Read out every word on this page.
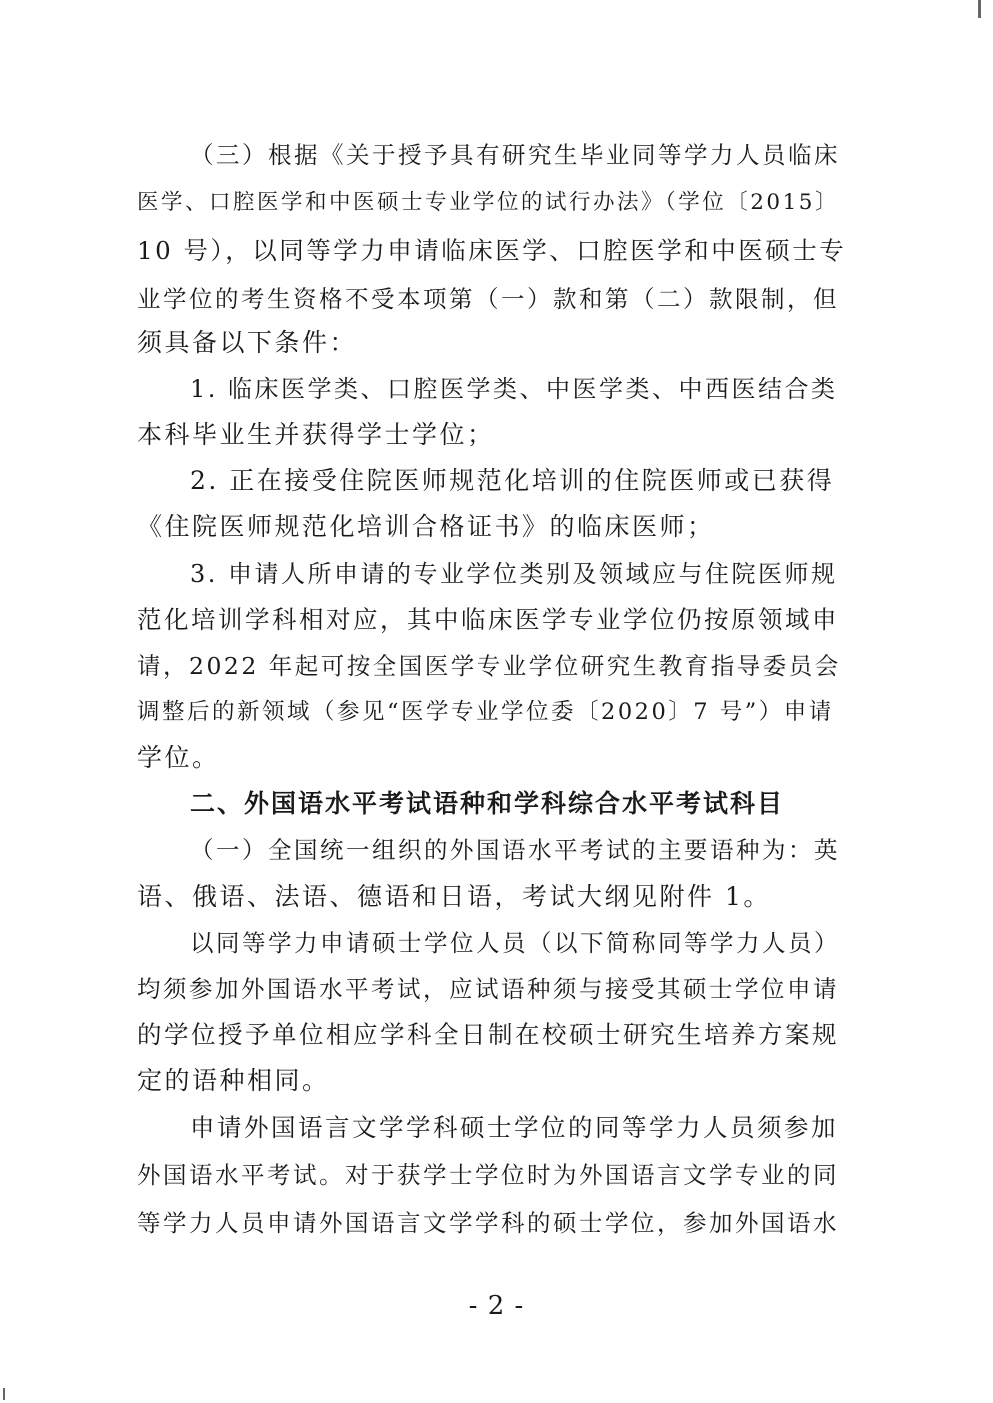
（三）根据《关于授予具有研究生毕业同等学力人员临床
医学、口腔医学和中医硕士专业学位的试行办法》（学位〔2015〕
10 号），以同等学力申请临床医学、口腔医学和中医硕士专
业学位的考生资格不受本项第（一）款和第（二）款限制，但
须具备以下条件：
1. 临床医学类、口腔医学类、中医学类、中西医结合类
本科毕业生并获得学士学位；
2. 正在接受住院医师规范化培训的住院医师或已获得
《住院医师规范化培训合格证书》的临床医师；
3. 申请人所申请的专业学位类别及领域应与住院医师规
范化培训学科相对应，其中临床医学专业学位仍按原领域申
请，2022 年起可按全国医学专业学位研究生教育指导委员会
调整后的新领域（参见“医学专业学位委〔2020〕7 号”）申请
学位。
二、外国语水平考试语种和学科综合水平考试科目
（一）全国统一组织的外国语水平考试的主要语种为：英
语、俄语、法语、德语和日语，考试大纲见附件 1。
以同等学力申请硕士学位人员（以下简称同等学力人员）
均须参加外国语水平考试，应试语种须与接受其硕士学位申请
的学位授予单位相应学科全日制在校硕士研究生培养方案规
定的语种相同。
申请外国语言文学学科硕士学位的同等学力人员须参加
外国语水平考试。对于获学士学位时为外国语言文学专业的同
等学力人员申请外国语言文学学科的硕士学位，参加外国语水
- 2 -
